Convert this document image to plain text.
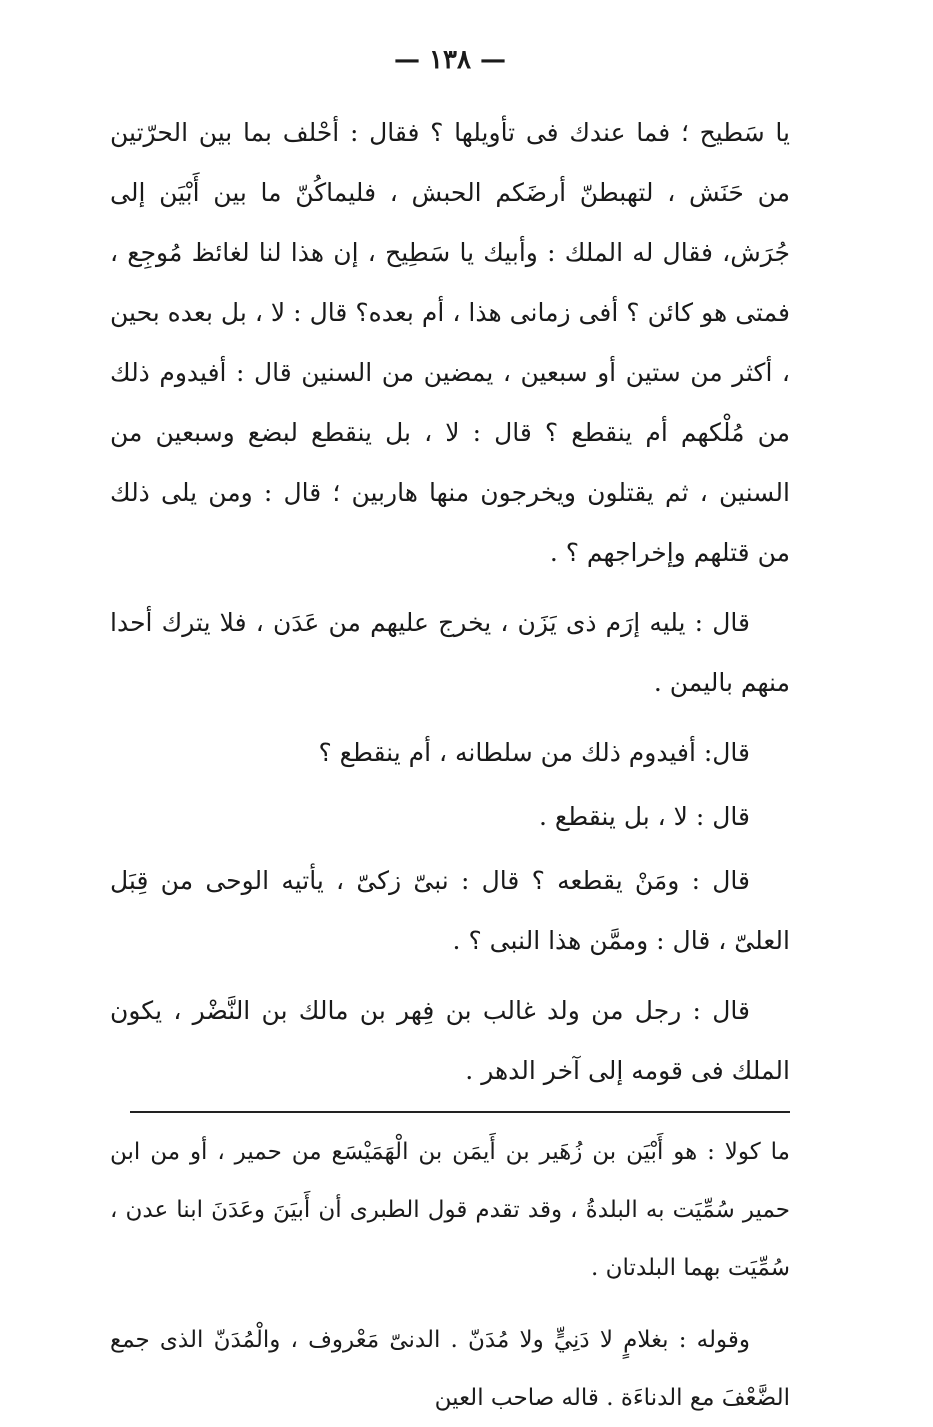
— ١٣٨ —

يا سَطيح ؛ فما عندك فى تأويلها ؟ فقال : أحْلف بما بين الحرّتين من حَنَش ، لتهبطنّ أرضَكم الحبش ، فليماكُنّ ما بين أَبْيَن إلى جُرَش، فقال له الملك : وأبيك يا سَطِيح ، إن هذا لنا لغائظ مُوجِع ، فمتى هو كائن ؟ أفى زمانى هذا ، أم بعده؟ قال : لا ، بل بعده بحين ، أكثر من ستين أو سبعين ، يمضين من السنين قال : أفيدوم ذلك من مُلْكهم أم ينقطع ؟ قال : لا ، بل ينقطع لبضع وسبعين من السنين ، ثم يقتلون ويخرجون منها هاربين ؛ قال : ومن يلى ذلك من قتلهم وإخراجهم ؟ .

قال : يليه إرَم ذى يَزَن ، يخرج عليهم من عَدَن ، فلا يترك أحدا منهم باليمن .

قال: أفيدوم ذلك من سلطانه ، أم ينقطع ؟

قال : لا ، بل ينقطع .

قال : ومَنْ يقطعه ؟ قال : نبىّ زكىّ ، يأتيه الوحى من قِبَل العلىّ ، قال : وممَّن هذا النبى ؟ .

قال : رجل من ولد غالب بن فِهر بن مالك بن النَّضْر ، يكون الملك فى قومه إلى آخر الدهر .

ما كولا : هو أَبْيَن بن زُهَير بن أَيمَن بن الْهَمَيْسَع من حمير ، أو من ابن حمير سُمِّيَت به البلدةُ ، وقد تقدم قول الطبرى أن أَبيَنَ وعَدَنَ ابنا عدن ، سُمِّيَت بهما البلدتان .

وقوله : بغلامٍ لا دَنِيٍّ ولا مُدَنّ . الدنىّ مَعْروف ، والْمُدَنّ الذى جمع الضَّعْفَ مع الدناءَة . قاله صاحب العين
